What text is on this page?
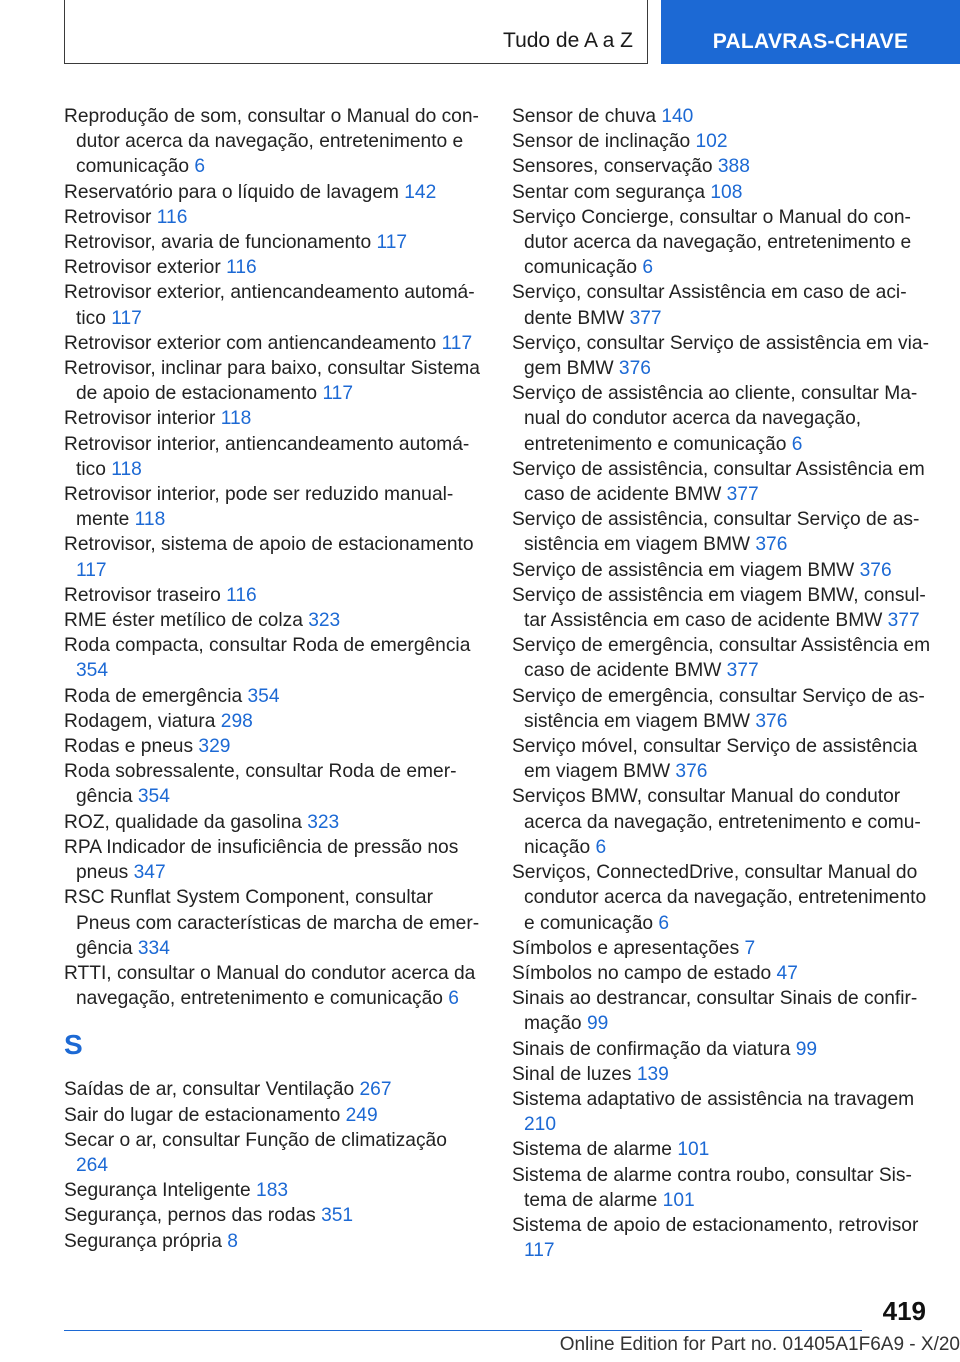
Tudo de A a Z	PALAVRAS-CHAVE
Reprodução de som, consultar o Manual do condutor acerca da navegação, entretenimento e comunicação 6
Reservatório para o líquido de lavagem 142
Retrovisor 116
Retrovisor, avaria de funcionamento 117
Retrovisor exterior 116
Retrovisor exterior, antiencandeamento automático 117
Retrovisor exterior com antiencandeamento 117
Retrovisor, inclinar para baixo, consultar Sistema de apoio de estacionamento 117
Retrovisor interior 118
Retrovisor interior, antiencandeamento automático 118
Retrovisor interior, pode ser reduzido manualmente 118
Retrovisor, sistema de apoio de estacionamento 117
Retrovisor traseiro 116
RME éster metílico de colza 323
Roda compacta, consultar Roda de emergência 354
Roda de emergência 354
Rodagem, viatura 298
Rodas e pneus 329
Roda sobressalente, consultar Roda de emergência 354
ROZ, qualidade da gasolina 323
RPA Indicador de insuficiência de pressão nos pneus 347
RSC Runflat System Component, consultar Pneus com características de marcha de emergência 334
RTTI, consultar o Manual do condutor acerca da navegação, entretenimento e comunicação 6
S
Saídas de ar, consultar Ventilação 267
Sair do lugar de estacionamento 249
Secar o ar, consultar Função de climatização 264
Segurança Inteligente 183
Segurança, pernos das rodas 351
Segurança própria 8
Sensor de chuva 140
Sensor de inclinação 102
Sensores, conservação 388
Sentar com segurança 108
Serviço Concierge, consultar o Manual do condutor acerca da navegação, entretenimento e comunicação 6
Serviço, consultar Assistência em caso de acidente BMW 377
Serviço, consultar Serviço de assistência em viagem BMW 376
Serviço de assistência ao cliente, consultar Manual do condutor acerca da navegação, entretenimento e comunicação 6
Serviço de assistência, consultar Assistência em caso de acidente BMW 377
Serviço de assistência, consultar Serviço de assistência em viagem BMW 376
Serviço de assistência em viagem BMW 376
Serviço de assistência em viagem BMW, consultar Assistência em caso de acidente BMW 377
Serviço de emergência, consultar Assistência em caso de acidente BMW 377
Serviço de emergência, consultar Serviço de assistência em viagem BMW 376
Serviço móvel, consultar Serviço de assistência em viagem BMW 376
Serviços BMW, consultar Manual do condutor acerca da navegação, entretenimento e comunicação 6
Serviços, ConnectedDrive, consultar Manual do condutor acerca da navegação, entretenimento e comunicação 6
Símbolos e apresentações 7
Símbolos no campo de estado 47
Sinais ao destrancar, consultar Sinais de confirmação 99
Sinais de confirmação da viatura 99
Sinal de luzes 139
Sistema adaptativo de assistência na travagem 210
Sistema de alarme 101
Sistema de alarme contra roubo, consultar Sistema de alarme 101
Sistema de apoio de estacionamento, retrovisor 117
419
Online Edition for Part no. 01405A1F6A9 - X/20
